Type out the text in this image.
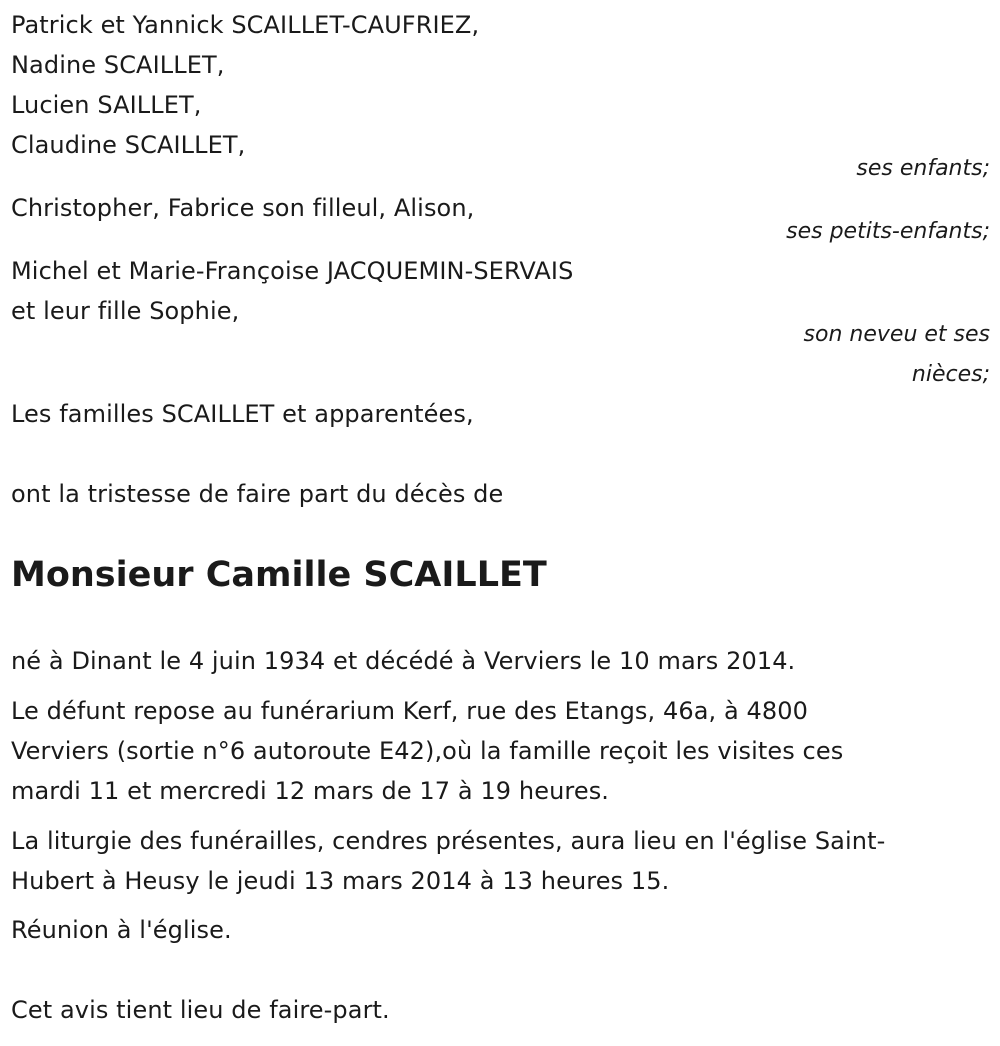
Patrick et Yannick SCAILLET-CAUFRIEZ,
Nadine SCAILLET,
Lucien SAILLET,
Claudine SCAILLET,
ses enfants;
Christopher, Fabrice son filleul, Alison,
ses petits-enfants;
Michel et Marie-Françoise JACQUEMIN-SERVAIS
et leur fille Sophie,
son neveu et ses
nièces;
Les familles SCAILLET et apparentées,
ont la tristesse de faire part du décès de
Monsieur Camille SCAILLET
né à Dinant le 4 juin 1934 et décédé à Verviers le 10 mars 2014.
Le défunt repose au funérarium Kerf, rue des Etangs, 46a, à 4800
Verviers (sortie n°6 autoroute E42),où la famille reçoit les visites ces
mardi 11 et mercredi 12 mars de 17 à 19 heures.
La liturgie des funérailles, cendres présentes, aura lieu en l'église Saint-
Hubert à Heusy le jeudi 13 mars 2014 à 13 heures 15.
Réunion à l'église.
Cet avis tient lieu de faire-part.
